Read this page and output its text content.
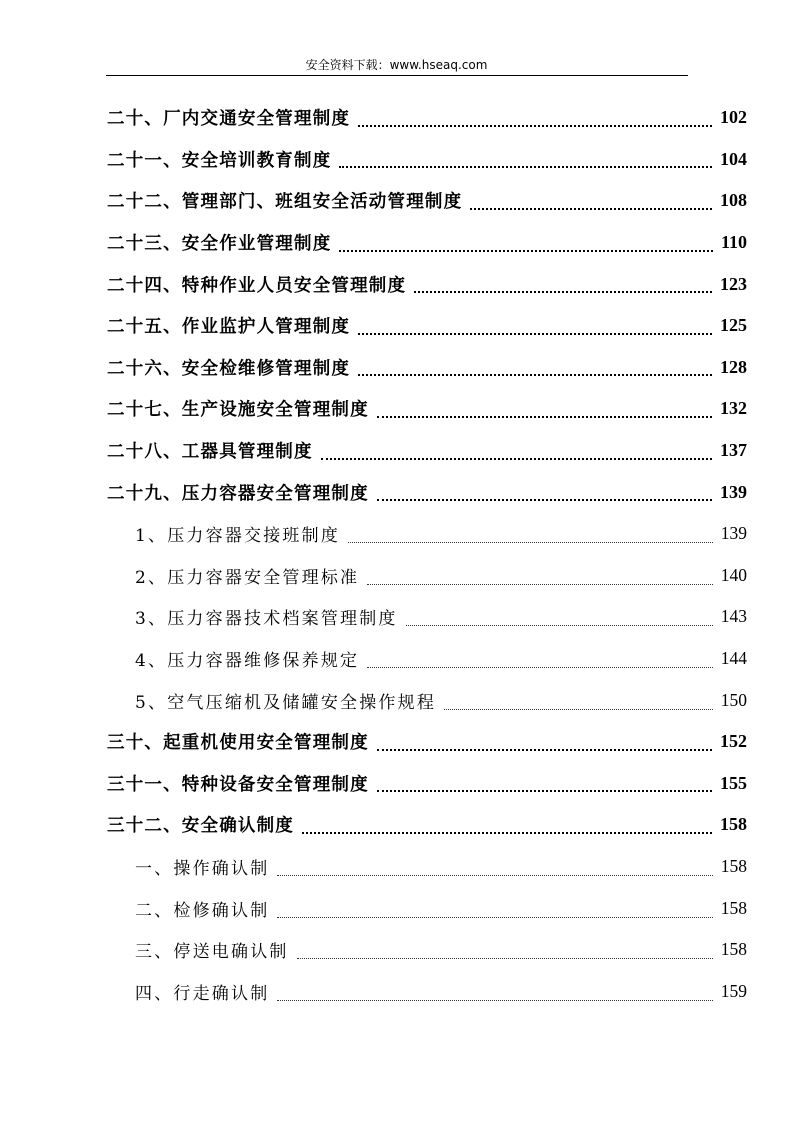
安全资料下载：www.hseaq.com
二十、厂内交通安全管理制度	102
二十一、安全培训教育制度	104
二十二、管理部门、班组安全活动管理制度	108
二十三、安全作业管理制度	110
二十四、特种作业人员安全管理制度	123
二十五、作业监护人管理制度	125
二十六、安全检维修管理制度	128
二十七、生产设施安全管理制度	132
二十八、工器具管理制度	137
二十九、压力容器安全管理制度	139
1、压力容器交接班制度	139
2、压力容器安全管理标准	140
3、压力容器技术档案管理制度	143
4、压力容器维修保养规定	144
5、空气压缩机及储罐安全操作规程	150
三十、起重机使用安全管理制度	152
三十一、特种设备安全管理制度	155
三十二、安全确认制度	158
一、操作确认制	158
二、检修确认制	158
三、停送电确认制	158
四、行走确认制	159
